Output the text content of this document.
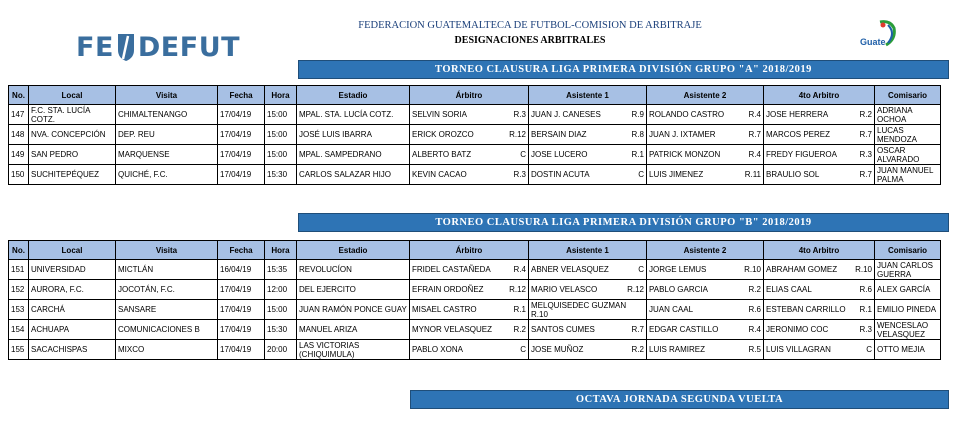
FE DEFUT
FEDERACION GUATEMALTECA DE FUTBOL-COMISION DE ARBITRAJE
DESIGNACIONES ARBITRALES	Guate
TORNEO CLAUSURA LIGA PRIMERA DIVISIÓN GRUPO "A" 2018/2019
No.	Local	Visita	Fecha	Hora	Estadio	Árbitro	Asistente 1	Asistente 2	4to Arbitro	Comisario
147	F.C. STA. LUCÍA COTZ.	CHIMALTENANGO	17/04/19	15:00	MPAL. STA. LUCÍA COTZ.	SELVIN SORIA R.3	JUAN J. CANESES R.9	ROLANDO CASTRO R.4	JOSE HERRERA R.2	ADRIANA OCHOA
148	NVA. CONCEPCIÓN	DEP. REU	17/04/19	15:00	JOSÉ LUIS IBARRA	ERICK OROZCO R.12	BERSAIN DIAZ R.8	JUAN J. IXTAMER R.7	MARCOS PEREZ R.7	LUCAS MENDOZA
149	SAN PEDRO	MARQUENSE	17/04/19	15:00	MPAL. SAMPEDRANO	ALBERTO BATZ C	JOSE LUCERO R.1	PATRICK MONZON R.4	FREDY FIGUEROA R.3	OSCAR ALVARADO
150	SUCHITEPÉQUEZ	QUICHÉ, F.C.	17/04/19	15:30	CARLOS SALAZAR HIJO	KEVIN CACAO R.3	DOSTIN ACUTA C	LUIS JIMENEZ R.11	BRAULIO SOL R.7	JUAN MANUEL PALMA
TORNEO CLAUSURA LIGA PRIMERA DIVISIÓN GRUPO "B" 2018/2019
No.	Local	Visita	Fecha	Hora	Estadio	Árbitro	Asistente 1	Asistente 2	4to Arbitro	Comisario
151	UNIVERSIDAD	MICTLÁN	16/04/19	15:35	REVOLUCÍON	FRIDEL CASTAÑEDA R.4	ABNER VELASQUEZ C	JORGE LEMUS R.10	ABRAHAM GOMEZ R.10	JUAN CARLOS GUERRA
152	AURORA, F.C.	JOCOTÁN, F.C.	17/04/19	12:00	DEL EJERCITO	EFRAIN ORDOÑEZ R.12	MARIO VELASCO R.12	PABLO GARCIA R.2	ELIAS CAAL R.6	ALEX GARCÍA
153	CARCHÁ	SANSARE	17/04/19	15:00	JUAN RAMÓN PONCE GUAY	MISAEL CASTRO R.1	MELQUISEDEC GUZMAN R.10	JUAN CAAL R.6	ESTEBAN CARRILLO R.1	EMILIO PINEDA
154	ACHUAPA	COMUNICACIONES B	17/04/19	15:30	MANUEL ARIZA	MYNOR VELASQUEZ R.2	SANTOS CUMES R.7	EDGAR CASTILLO R.4	JERONIMO COC R.3	WENCESLAO VELASQUEZ
155	SACACHISPAS	MIXCO	17/04/19	20:00	LAS VICTORIAS (CHIQUIMULA)	PABLO XONA C	JOSE MUÑOZ R.2	LUIS RAMIREZ R.5	LUIS VILLAGRAN C	OTTO MEJIA
OCTAVA JORNADA SEGUNDA VUELTA
